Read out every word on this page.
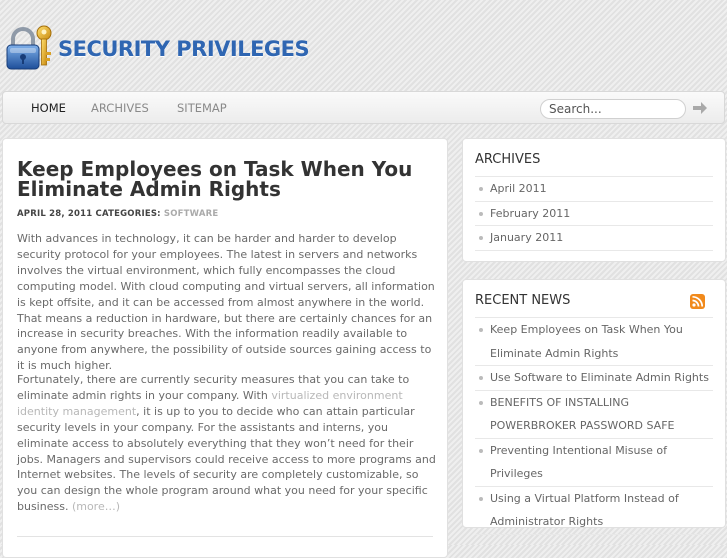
SECURITY PRIVILEGES
HOME ARCHIVES SITEMAP
Search...
Keep Employees on Task When You Eliminate Admin Rights
APRIL 28, 2011 CATEGORIES: SOFTWARE

With advances in technology, it can be harder and harder to develop security protocol for your employees. The latest in servers and networks involves the virtual environment, which fully encompasses the cloud computing model. With cloud computing and virtual servers, all information is kept offsite, and it can be accessed from almost anywhere in the world. That means a reduction in hardware, but there are certainly chances for an increase in security breaches. With the information readily available to anyone from anywhere, the possibility of outside sources gaining access to it is much higher.

Fortunately, there are currently security measures that you can take to eliminate admin rights in your company. With virtualized environment identity management, it is up to you to decide who can attain particular security levels in your company. For the assistants and interns, you eliminate access to absolutely everything that they won’t need for their jobs. Managers and supervisors could receive access to more programs and Internet websites. The levels of security are completely customizable, so you can design the whole program around what you need for your specific business. (more…)

ARCHIVES
April 2011
February 2011
January 2011
RECENT NEWS
Keep Employees on Task When You Eliminate Admin Rights
Use Software to Eliminate Admin Rights
BENEFITS OF INSTALLING POWERBROKER PASSWORD SAFE
Preventing Intentional Misuse of Privileges
Using a Virtual Platform Instead of Administrator Rights
